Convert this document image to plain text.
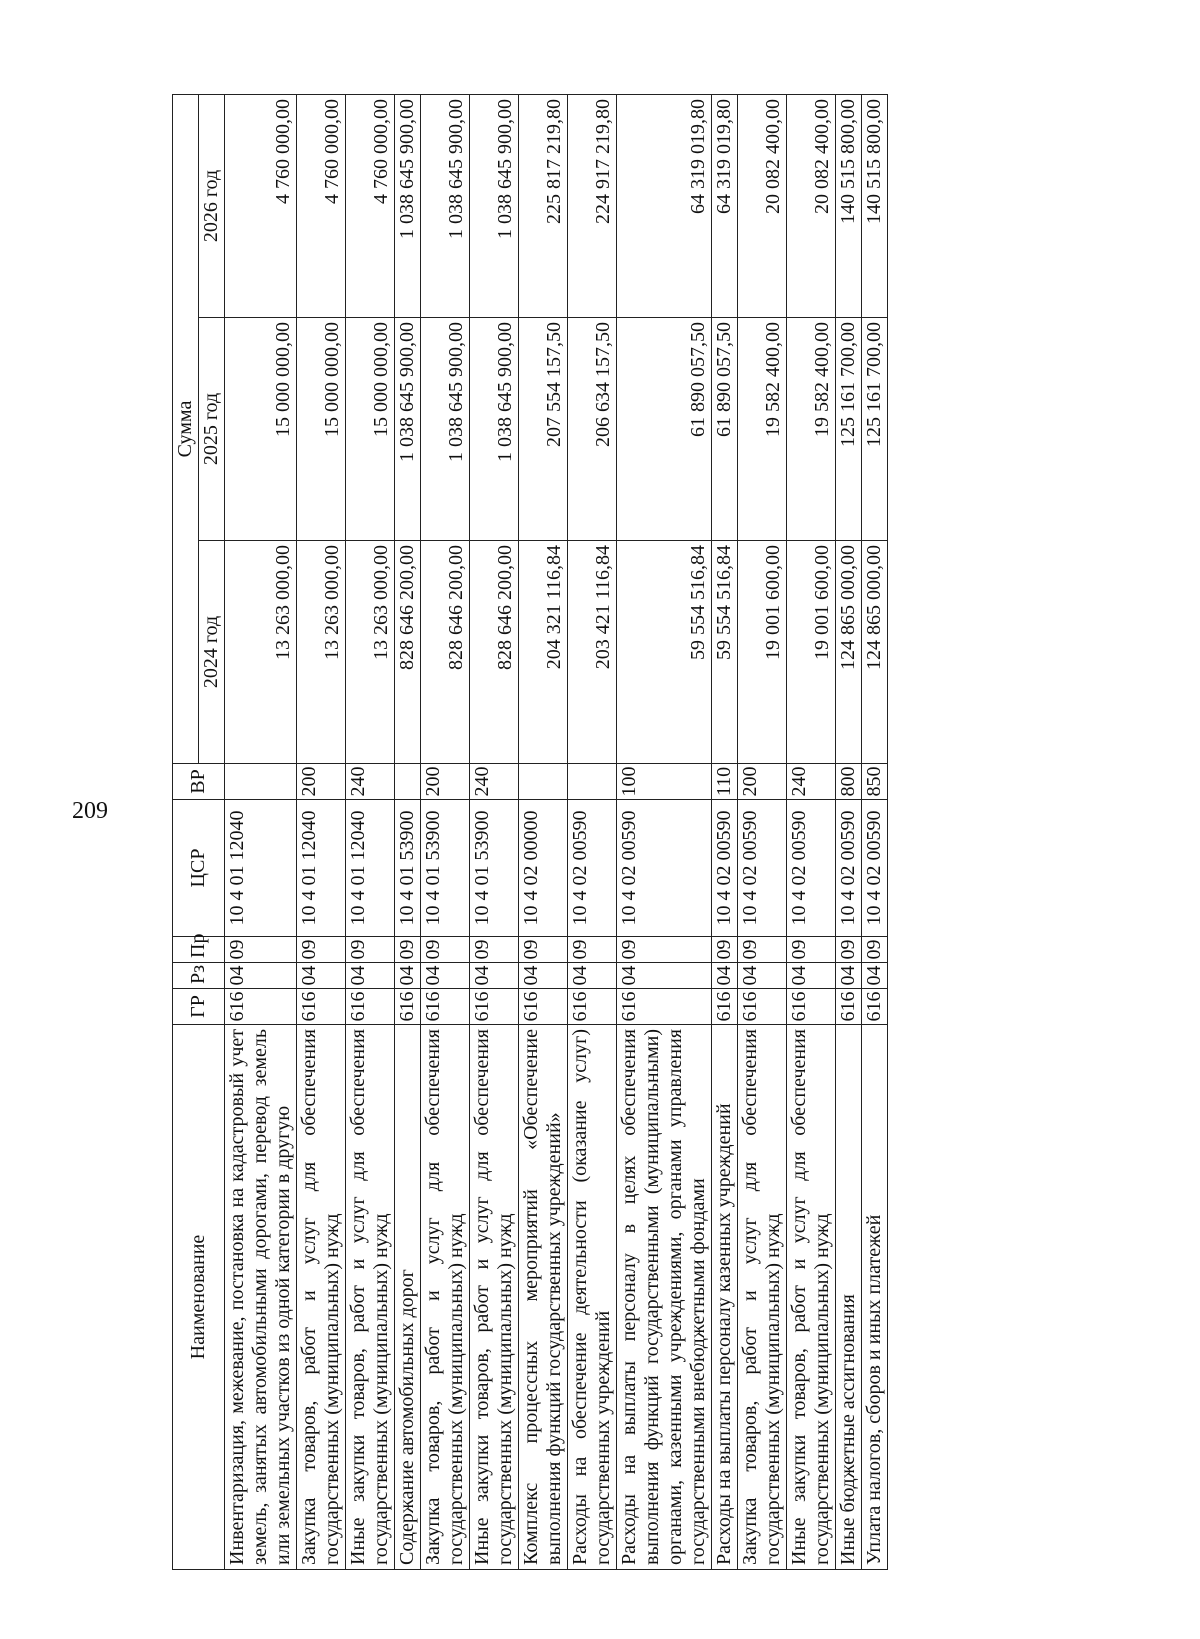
209
Наименование	ГР	Рз	Пр	ЦСР	ВР	Сумма		
						2024 год	2025 год	2026 год
Инвентаризация, межевание, постановка на кадастровый учет земель, занятых автомобильными дорогами, перевод земель или земельных участков из одной категории в другую	616	04	09	10 4 01 12040		13 263 000,00	15 000 000,00	4 760 000,00
Закупка товаров, работ и услуг для обеспечения государственных (муниципальных) нужд	616	04	09	10 4 01 12040	200	13 263 000,00	15 000 000,00	4 760 000,00
Иные закупки товаров, работ и услуг для обеспечения государственных (муниципальных) нужд	616	04	09	10 4 01 12040	240	13 263 000,00	15 000 000,00	4 760 000,00
Содержание автомобильных дорог	616	04	09	10 4 01 53900		828 646 200,00	1 038 645 900,00	1 038 645 900,00
Закупка товаров, работ и услуг для обеспечения государственных (муниципальных) нужд	616	04	09	10 4 01 53900	200	828 646 200,00	1 038 645 900,00	1 038 645 900,00
Иные закупки товаров, работ и услуг для обеспечения государственных (муниципальных) нужд	616	04	09	10 4 01 53900	240	828 646 200,00	1 038 645 900,00	1 038 645 900,00
Комплекс процессных мероприятий «Обеспечение выполнения функций государственных учреждений»	616	04	09	10 4 02 00000		204 321 116,84	207 554 157,50	225 817 219,80
Расходы на обеспечение деятельности (оказание услуг) государственных учреждений	616	04	09	10 4 02 00590		203 421 116,84	206 634 157,50	224 917 219,80
Расходы на выплаты персоналу в целях обеспечения выполнения функций государственными (муниципальными) органами, казенными учреждениями, органами управления государственными внебюджетными фондами	616	04	09	10 4 02 00590	100	59 554 516,84	61 890 057,50	64 319 019,80
Расходы на выплаты персоналу казенных учреждений	616	04	09	10 4 02 00590	110	59 554 516,84	61 890 057,50	64 319 019,80
Закупка товаров, работ и услуг для обеспечения государственных (муниципальных) нужд	616	04	09	10 4 02 00590	200	19 001 600,00	19 582 400,00	20 082 400,00
Иные закупки товаров, работ и услуг для обеспечения государственных (муниципальных) нужд	616	04	09	10 4 02 00590	240	19 001 600,00	19 582 400,00	20 082 400,00
Иные бюджетные ассигнования	616	04	09	10 4 02 00590	800	124 865 000,00	125 161 700,00	140 515 800,00
Уплата налогов, сборов и иных платежей	616	04	09	10 4 02 00590	850	124 865 000,00	125 161 700,00	140 515 800,00
